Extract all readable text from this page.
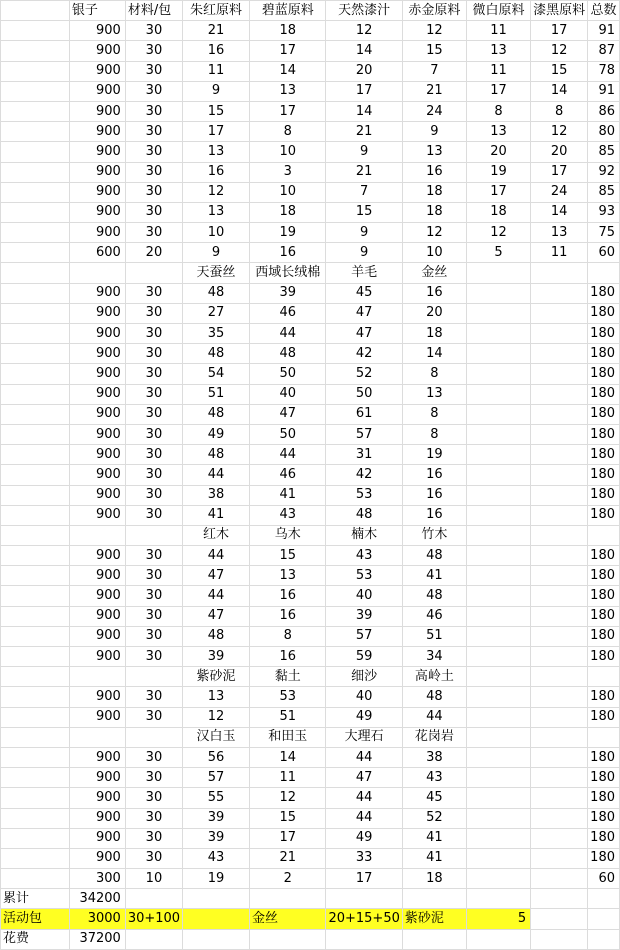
	银子	材料/包	朱红原料	碧蓝原料	天然漆汁	赤金原料	微白原料	漆黑原料	总数
	900	30	21	18	12	12	11	17	91
	900	30	16	17	14	15	13	12	87
	900	30	11	14	20	7	11	15	78
	900	30	9	13	17	21	17	14	91
	900	30	15	17	14	24	8	8	86
	900	30	17	8	21	9	13	12	80
	900	30	13	10	9	13	20	20	85
	900	30	16	3	21	16	19	17	92
	900	30	12	10	7	18	17	24	85
	900	30	13	18	15	18	18	14	93
	900	30	10	19	9	12	12	13	75
	600	20	9	16	9	10	5	11	60
			天蚕丝	西域长绒棉	羊毛	金丝			
	900	30	48	39	45	16			180
	900	30	27	46	47	20			180
	900	30	35	44	47	18			180
	900	30	48	48	42	14			180
	900	30	54	50	52	8			180
	900	30	51	40	50	13			180
	900	30	48	47	61	8			180
	900	30	49	50	57	8			180
	900	30	48	44	31	19			180
	900	30	44	46	42	16			180
	900	30	38	41	53	16			180
	900	30	41	43	48	16			180
			红木	乌木	楠木	竹木			
	900	30	44	15	43	48			180
	900	30	47	13	53	41			180
	900	30	44	16	40	48			180
	900	30	47	16	39	46			180
	900	30	48	8	57	51			180
	900	30	39	16	59	34			180
			紫砂泥	黏土	细沙	高岭土			
	900	30	13	53	40	48			180
	900	30	12	51	49	44			180
			汉白玉	和田玉	大理石	花岗岩			
	900	30	56	14	44	38			180
	900	30	57	11	47	43			180
	900	30	55	12	44	45			180
	900	30	39	15	44	52			180
	900	30	39	17	49	41			180
	900	30	43	21	33	41			180
	300	10	19	2	17	18			60
累计	34200								
活动包	3000	30+100		金丝	20+15+50	紫砂泥	5		
花费	37200								
